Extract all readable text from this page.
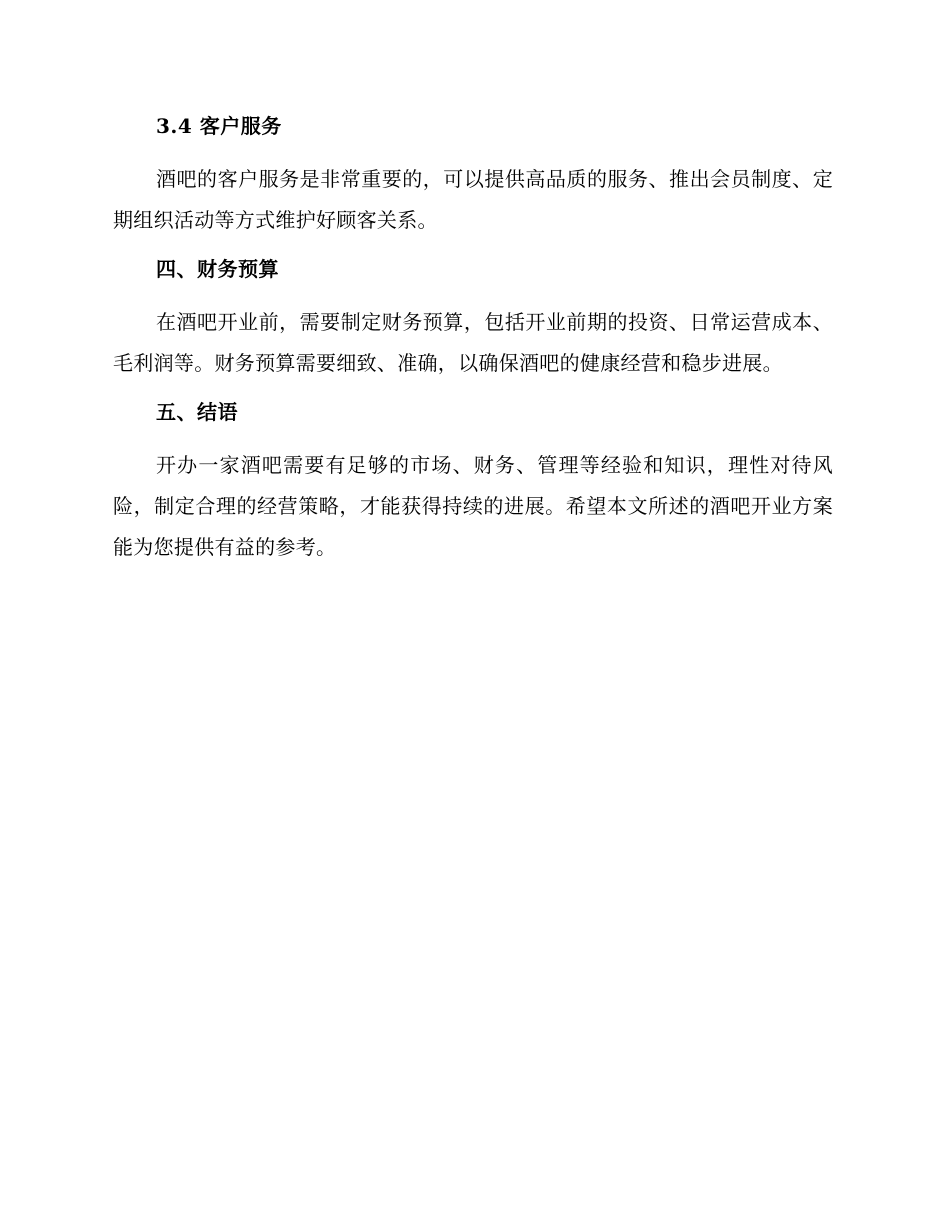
3.4 客户服务

酒吧的客户服务是非常重要的，可以提供高品质的服务、推出会员制度、定期组织活动等方式维护好顾客关系。

四、财务预算

在酒吧开业前，需要制定财务预算，包括开业前期的投资、日常运营成本、毛利润等。财务预算需要细致、准确，以确保酒吧的健康经营和稳步进展。

五、结语

开办一家酒吧需要有足够的市场、财务、管理等经验和知识，理性对待风险，制定合理的经营策略，才能获得持续的进展。希望本文所述的酒吧开业方案能为您提供有益的参考。
